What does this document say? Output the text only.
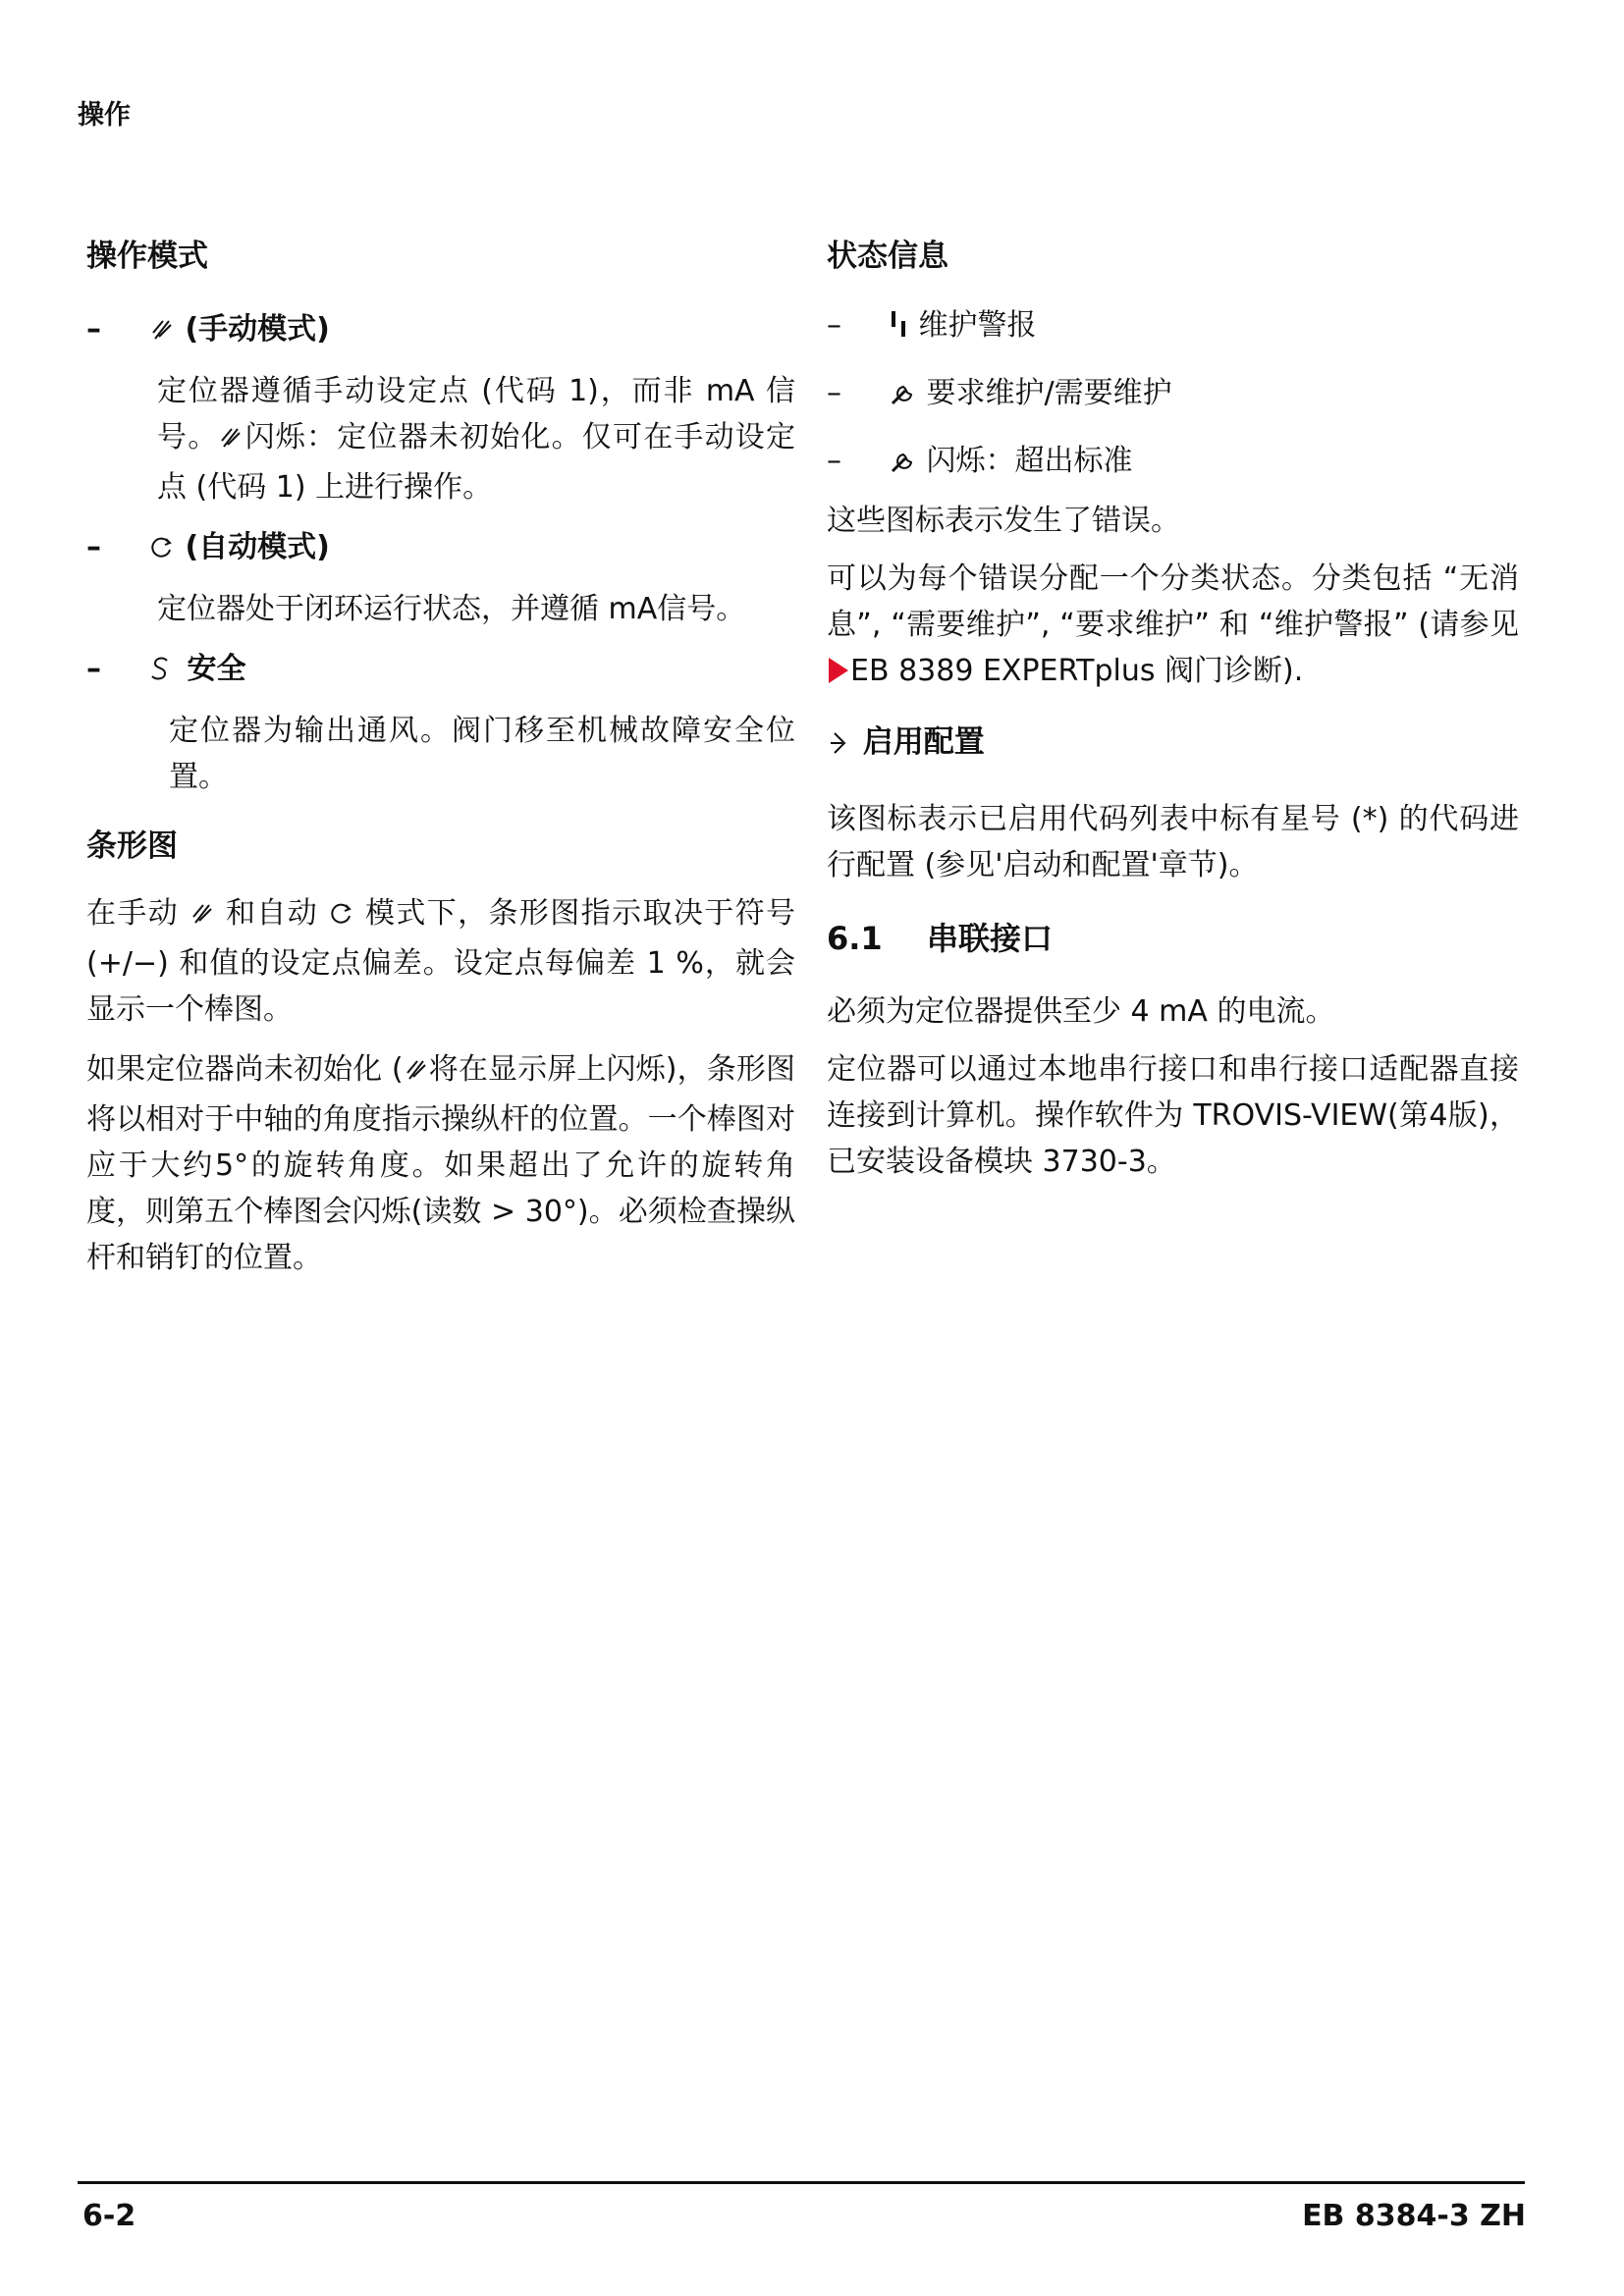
操作
操作模式
–	(手动模式)

定位器遵循手动设定点 (代码 1)，而非 mA 信号。 闪烁：定位器未初始化。仅可在手动设定点 (代码 1) 上进行操作。

–	(自动模式)

定位器处于闭环运行状态，并遵循 mA信号。

–	安全

定位器为输出通风。阀门移至机械故障安全位置。

条形图

在手动 和自动 模式下，条形图指示取决于符号 (+/−) 和值的设定点偏差。设定点每偏差 1 %，就会显示一个棒图。

如果定位器尚未初始化 ( 将在显示屏上闪烁)，条形图将以相对于中轴的角度指示操纵杆的位置。一个棒图对应于大约5°的旋转角度。如果超出了允许的旋转角度，则第五个棒图会闪烁(读数 > 30°)。必须检查操纵杆和销钉的位置。

状态信息
–	维护警报
–	要求维护/需要维护
–	闪烁：超出标准

这些图标表示发生了错误。

可以为每个错误分配一个分类状态。分类包括 “无消息”, “需要维护”, “要求维护” 和 “维护警报” (请参见EB 8389 EXPERTplus 阀门诊断).

启用配置

该图标表示已启用代码列表中标有星号 (*) 的代码进行配置 (参见'启动和配置'章节)。

6.1 串联接口

必须为定位器提供至少 4 mA 的电流。

定位器可以通过本地串行接口和串行接口适配器直接连接到计算机。操作软件为 TROVIS-VIEW(第4版)，已安装设备模块 3730-3。

6-2	EB 8384-3 ZH
